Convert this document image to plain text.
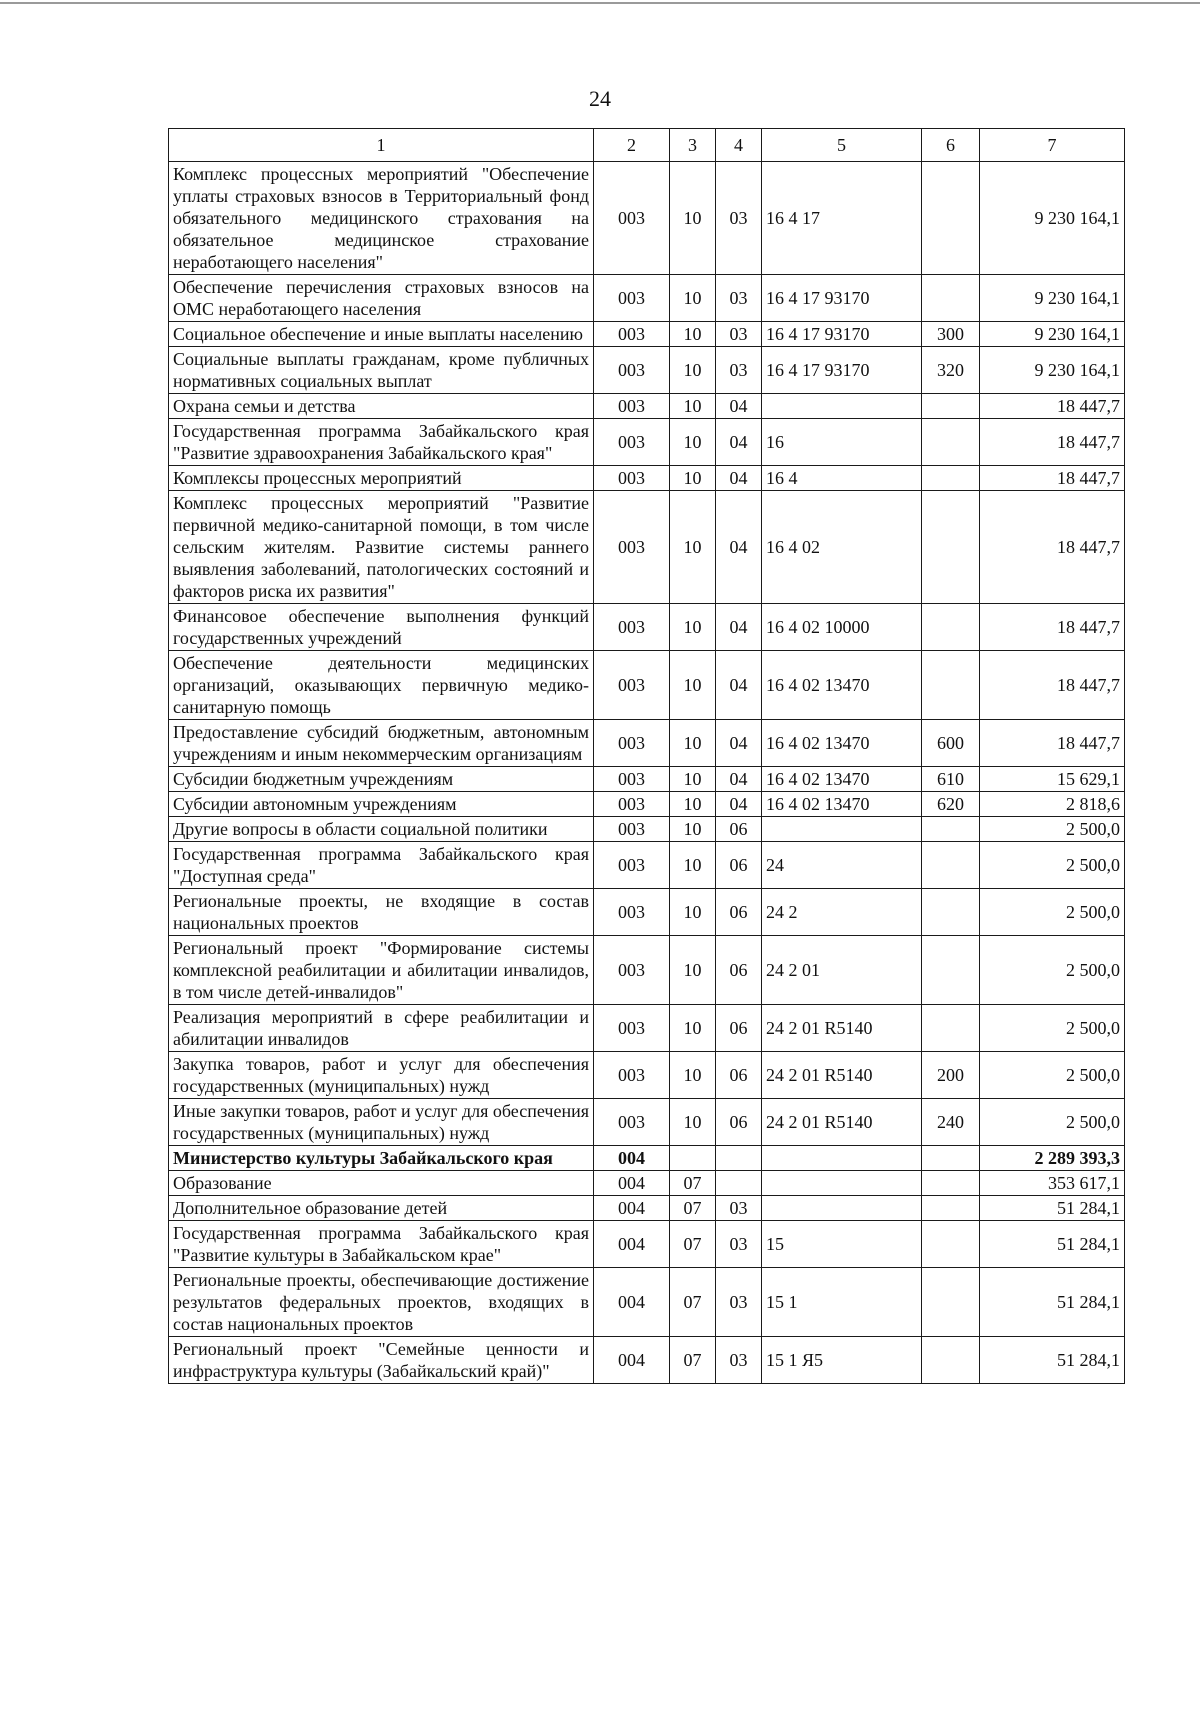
24
1	2	3	4	5	6	7
Комплекс процессных мероприятий "Обеспечение уплаты страховых взносов в Территориальный фонд обязательного медицинского страхования на обязательное медицинское страхование неработающего населения"	003	10	03	16 4 17		9 230 164,1
Обеспечение перечисления страховых взносов на ОМС неработающего населения	003	10	03	16 4 17 93170		9 230 164,1
Социальное обеспечение и иные выплаты населению	003	10	03	16 4 17 93170	300	9 230 164,1
Социальные выплаты гражданам, кроме публичных нормативных социальных выплат	003	10	03	16 4 17 93170	320	9 230 164,1
Охрана семьи и детства	003	10	04			18 447,7
Государственная программа Забайкальского края "Развитие здравоохранения Забайкальского края"	003	10	04	16		18 447,7
Комплексы процессных мероприятий	003	10	04	16 4		18 447,7
Комплекс процессных мероприятий "Развитие первичной медико-санитарной помощи, в том числе сельским жителям. Развитие системы раннего выявления заболеваний, патологических состояний и факторов риска их развития"	003	10	04	16 4 02		18 447,7
Финансовое обеспечение выполнения функций государственных учреждений	003	10	04	16 4 02 10000		18 447,7
Обеспечение деятельности медицинских организаций, оказывающих первичную медико-санитарную помощь	003	10	04	16 4 02 13470		18 447,7
Предоставление субсидий бюджетным, автономным учреждениям и иным некоммерческим организациям	003	10	04	16 4 02 13470	600	18 447,7
Субсидии бюджетным учреждениям	003	10	04	16 4 02 13470	610	15 629,1
Субсидии автономным учреждениям	003	10	04	16 4 02 13470	620	2 818,6
Другие вопросы в области социальной политики	003	10	06			2 500,0
Государственная программа Забайкальского края "Доступная среда"	003	10	06	24		2 500,0
Региональные проекты, не входящие в состав национальных проектов	003	10	06	24 2		2 500,0
Региональный проект "Формирование системы комплексной реабилитации и абилитации инвалидов, в том числе детей-инвалидов"	003	10	06	24 2 01		2 500,0
Реализация мероприятий в сфере реабилитации и абилитации инвалидов	003	10	06	24 2 01 R5140		2 500,0
Закупка товаров, работ и услуг для обеспечения государственных (муниципальных) нужд	003	10	06	24 2 01 R5140	200	2 500,0
Иные закупки товаров, работ и услуг для обеспечения государственных (муниципальных) нужд	003	10	06	24 2 01 R5140	240	2 500,0
Министерство культуры Забайкальского края	004					2 289 393,3
Образование	004	07				353 617,1
Дополнительное образование детей	004	07	03			51 284,1
Государственная программа Забайкальского края "Развитие культуры в Забайкальском крае"	004	07	03	15		51 284,1
Региональные проекты, обеспечивающие достижение результатов федеральных проектов, входящих в состав национальных проектов	004	07	03	15 1		51 284,1
Региональный проект "Семейные ценности и инфраструктура культуры (Забайкальский край)"	004	07	03	15 1 Я5		51 284,1
